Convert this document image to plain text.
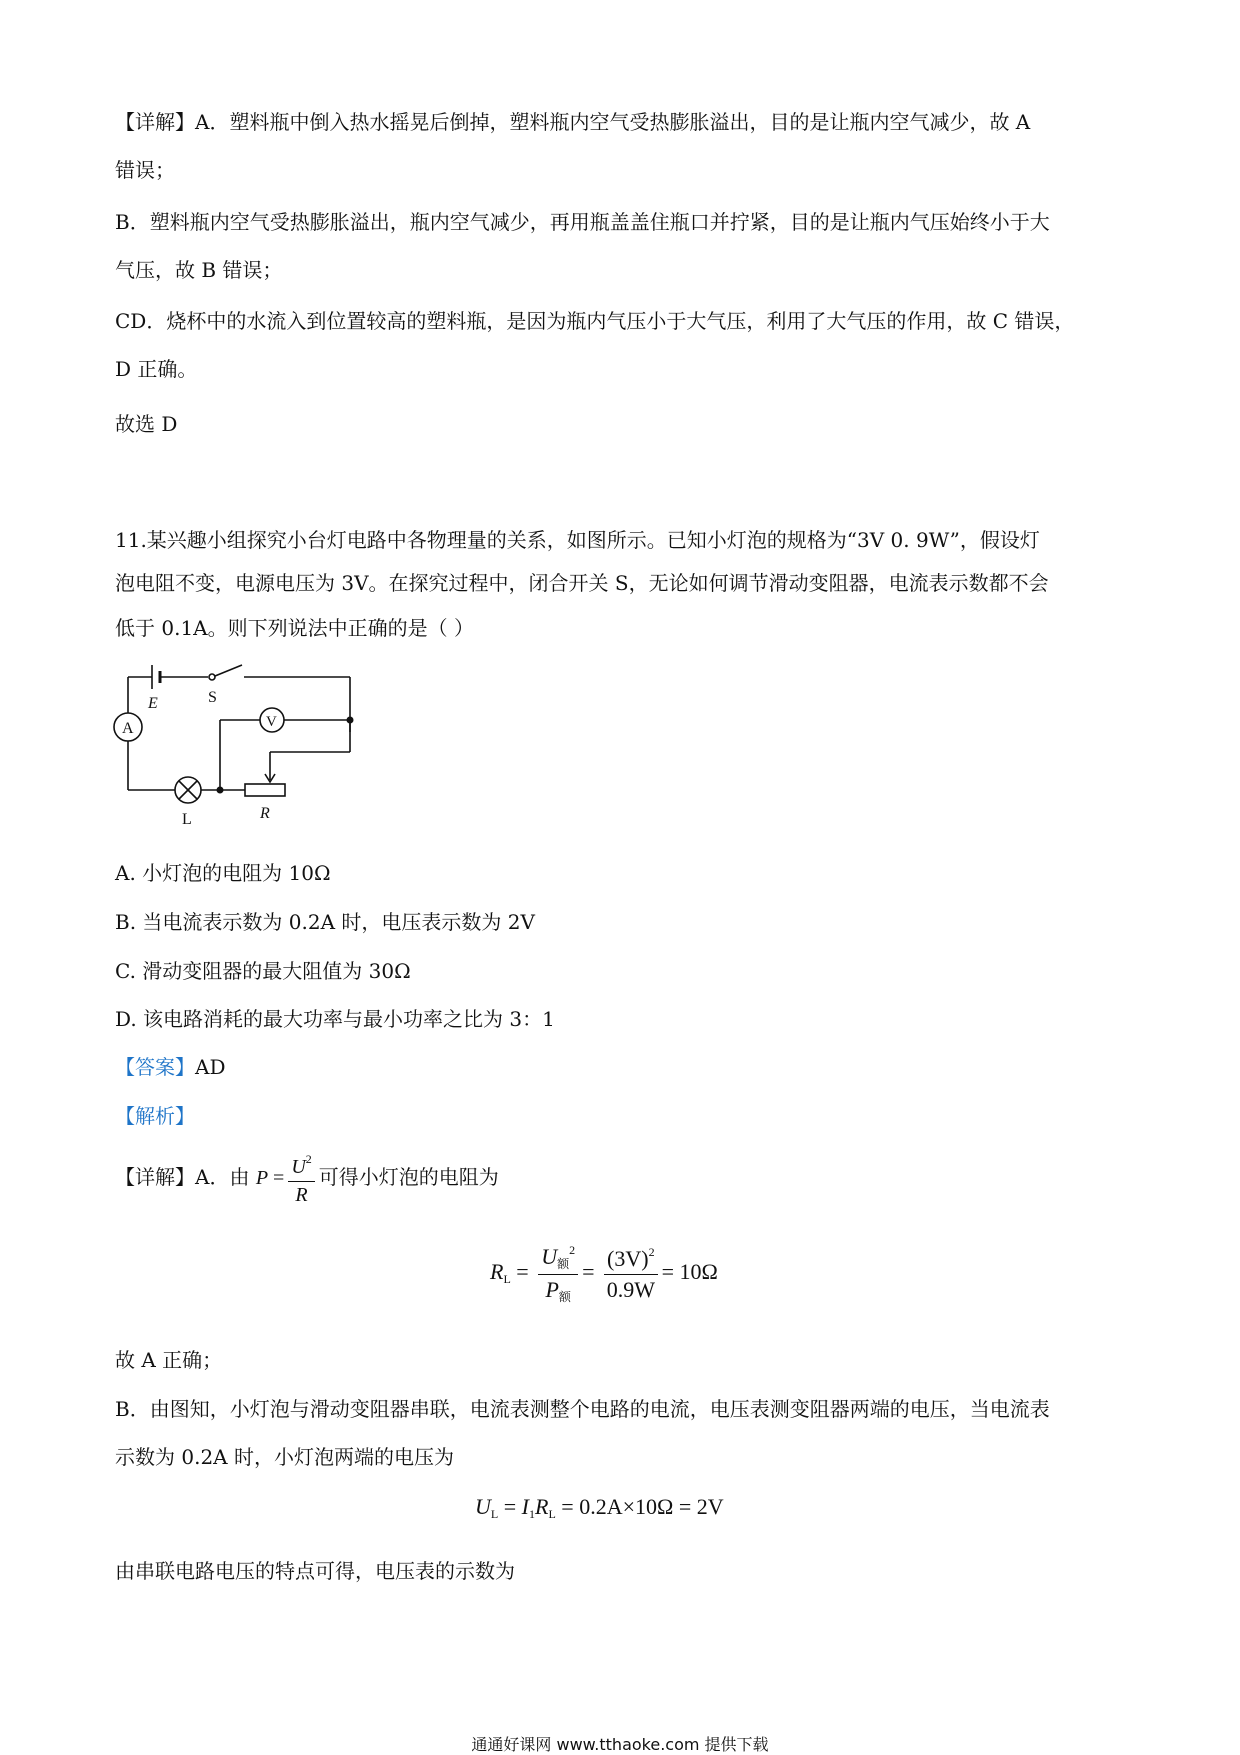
【详解】A．塑料瓶中倒入热水摇晃后倒掉，塑料瓶内空气受热膨胀溢出，目的是让瓶内空气减少，故 A
错误；
B．塑料瓶内空气受热膨胀溢出，瓶内空气减少，再用瓶盖盖住瓶口并拧紧，目的是让瓶内气压始终小于大
气压，故 B 错误；
CD．烧杯中的水流入到位置较高的塑料瓶，是因为瓶内气压小于大气压，利用了大气压的作用，故 C 错误，
D 正确。
故选 D
11.某兴趣小组探究小台灯电路中各物理量的关系，如图所示。已知小灯泡的规格为“3V 0. 9W”，假设灯
泡电阻不变，电源电压为 3V。在探究过程中，闭合开关 S，无论如何调节滑动变阻器，电流表示数都不会
低于 0.1A。则下列说法中正确的是（ ）
E	S
A	V
L	R
A. 小灯泡的电阻为 10Ω
B. 当电流表示数为 0.2A 时，电压表示数为 2V
C. 滑动变阻器的最大阻值为 30Ω
D. 该电路消耗的最大功率与最小功率之比为 3：1
【答案】AD
【解析】
【详解】A．由 $P = \frac{U^2}{R}$ 可得小灯泡的电阻为
$R_L = \frac{U_额^2}{P_额} = \frac{(3V)^2}{0.9W} = 10\Omega$
故 A 正确；
B．由图知，小灯泡与滑动变阻器串联，电流表测整个电路的电流，电压表测变阻器两端的电压，当电流表
示数为 0.2A 时，小灯泡两端的电压为
$U_L = I_1R_L = 0.2A\times 10\Omega = 2V$
由串联电路电压的特点可得，电压表的示数为
通通好课网 www.tthaoke.com 提供下载
